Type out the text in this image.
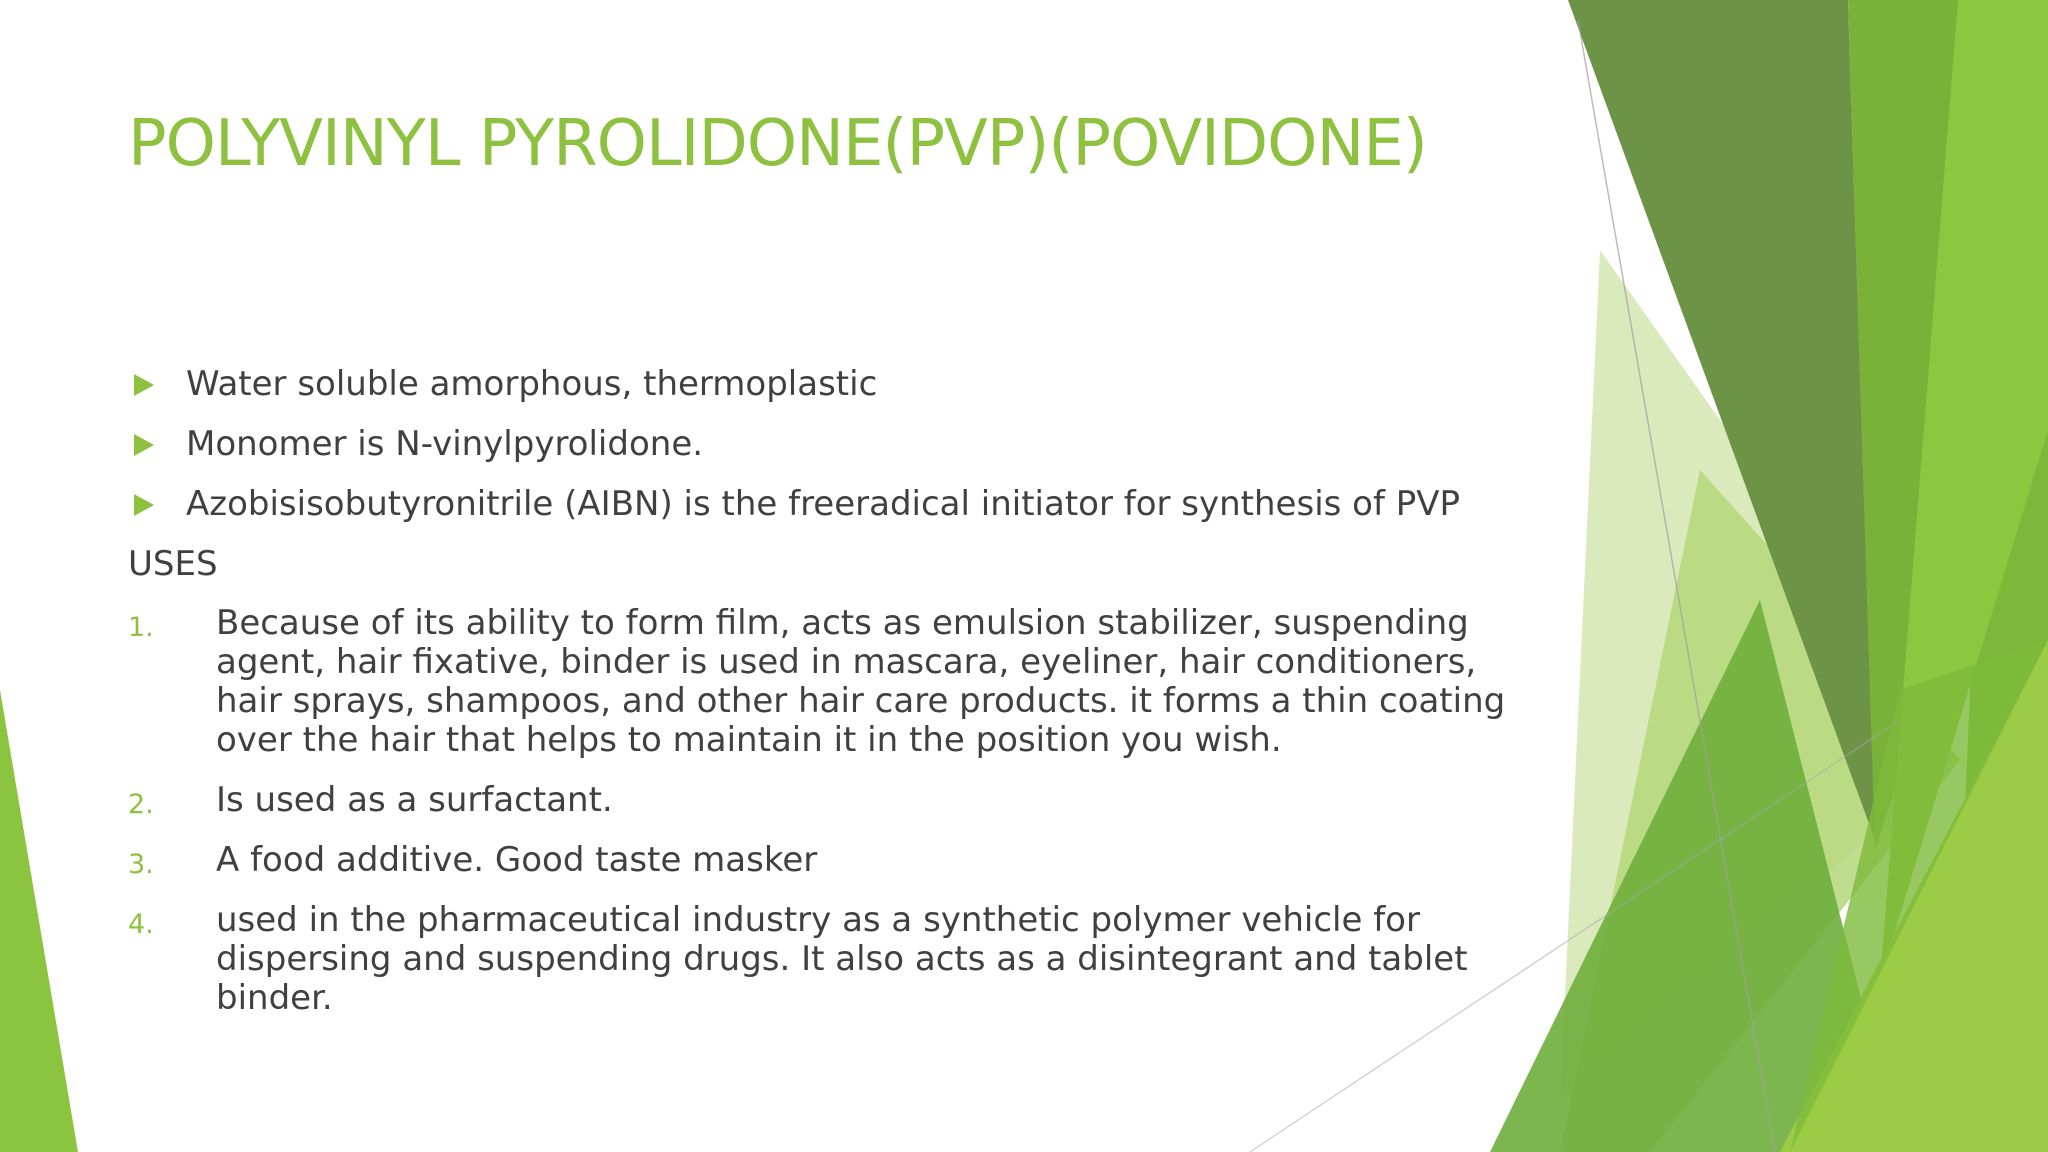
POLYVINYL PYROLIDONE(PVP)(POVIDONE)
Water soluble amorphous, thermoplastic
Monomer is N-vinylpyrolidone.
Azobisisobutyronitrile (AIBN) is the freeradical initiator for synthesis of PVP
USES
1. Because of its ability to form film, acts as emulsion stabilizer, suspending agent, hair fixative, binder is used in mascara, eyeliner, hair conditioners, hair sprays, shampoos, and other hair care products. it forms a thin coating over the hair that helps to maintain it in the position you wish.
2. Is used as a surfactant.
3. A food additive. Good taste masker
4. used in the pharmaceutical industry as a synthetic polymer vehicle for dispersing and suspending drugs. It also acts as a disintegrant and tablet binder.
